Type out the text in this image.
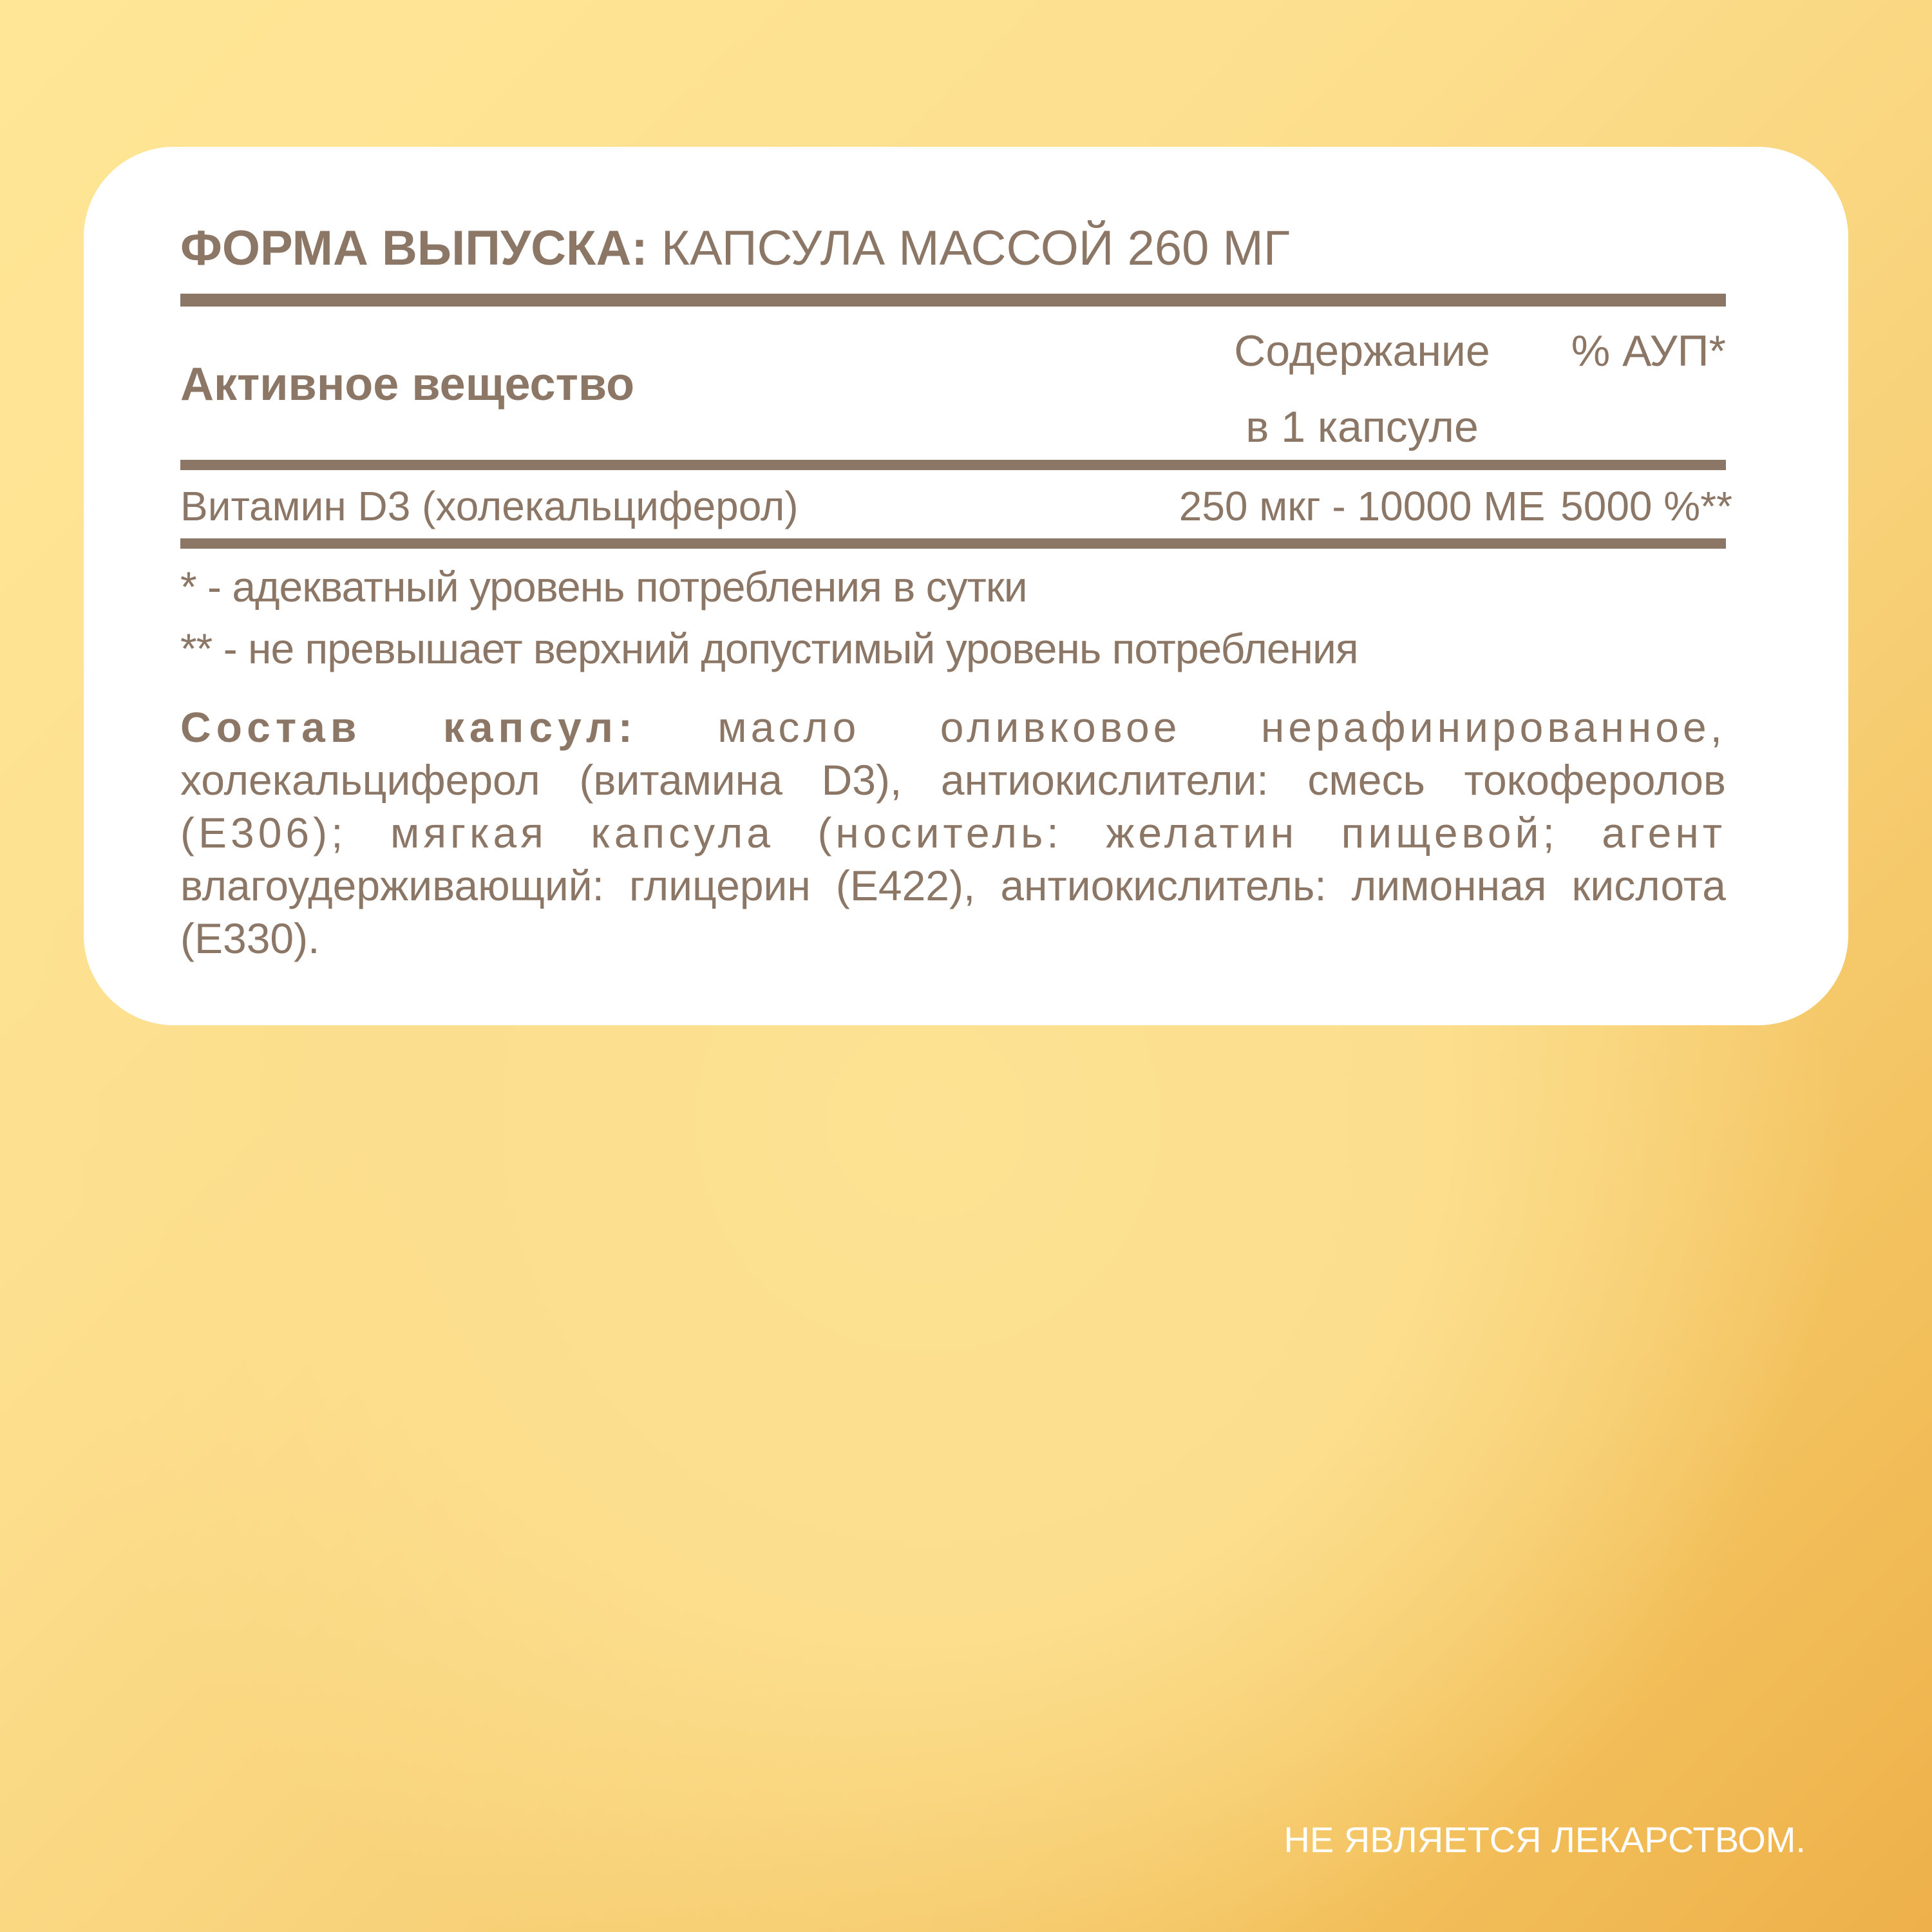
ФОРМА ВЫПУСКА: КАПСУЛА МАССОЙ 260 МГ
Активное вещество
Содержание
в 1 капсуле
% АУП*
Витамин D3 (холекальциферол)	250 мкг - 10000 МЕ 5000 %**
* - адекватный уровень потребления в сутки
** - не превышает верхний допустимый уровень потребления
Состав капсул: масло оливковое нерафинированное, холекальциферол (витамина D3), антиокислители: смесь токоферолов (Е306); мягкая капсула (носитель: желатин пищевой; агент влагоудерживающий: глицерин (Е422), антиокислитель: лимонная кислота (Е330).
НЕ ЯВЛЯЕТСЯ ЛЕКАРСТВОМ.
